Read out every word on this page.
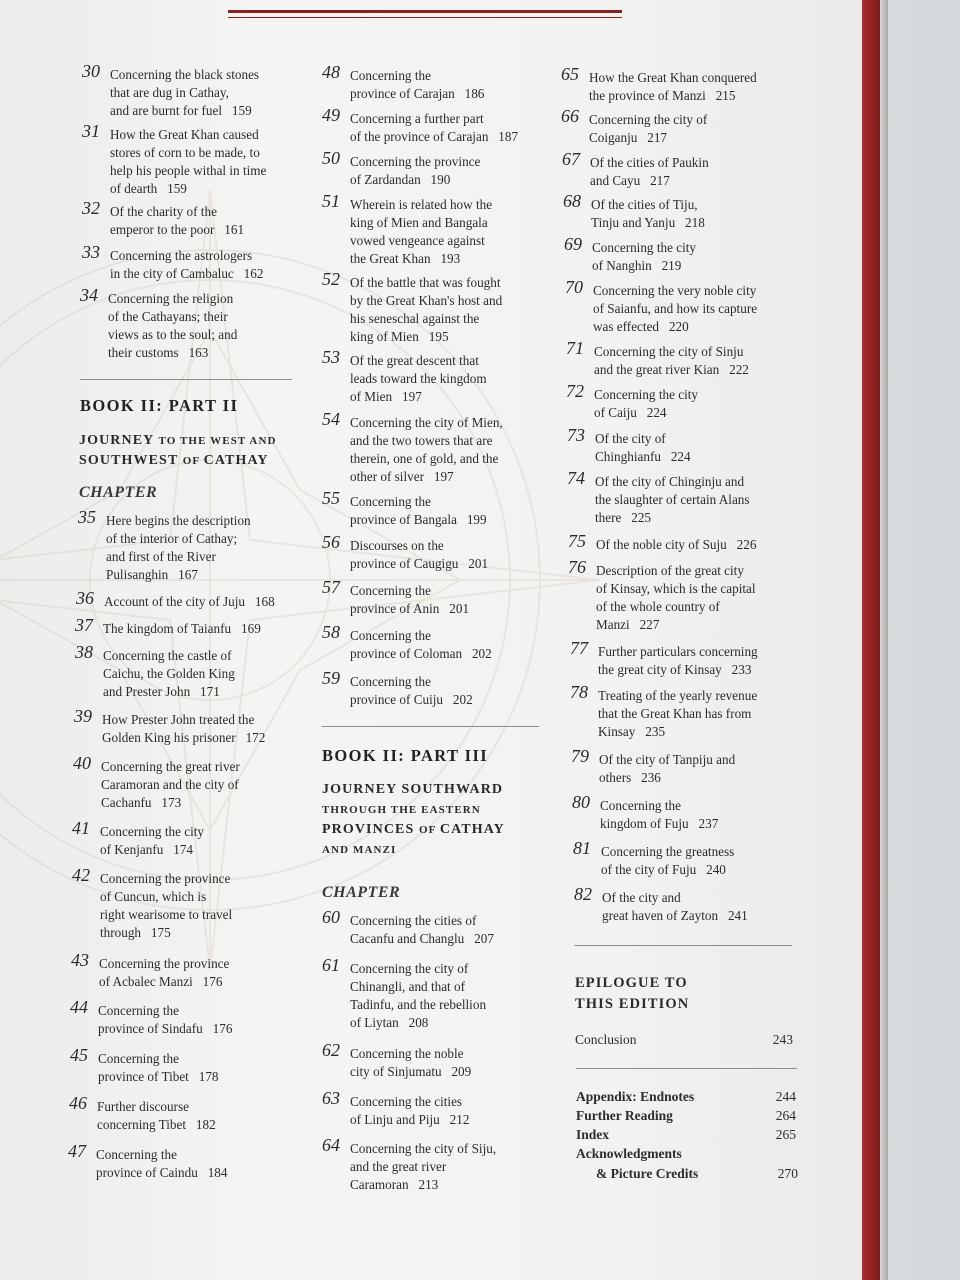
30 Concerning the black stones
that are dug in Cathay,
and are burnt for fuel   159
31 How the Great Khan caused
stores of corn to be made, to
help his people withal in time
of dearth   159
32 Of the charity of the
emperor to the poor   161
33 Concerning the astrologers
in the city of Cambaluc   162
34 Concerning the religion
of the Cathayans; their
views as to the soul; and
their customs   163
35 Here begins the description
of the interior of Cathay;
and first of the River
Pulisanghin   167
36 Account of the city of Juju   168
37 The kingdom of Taianfu   169
38 Concerning the castle of
Caichu, the Golden King
and Prester John   171
39 How Prester John treated the
Golden King his prisoner   172
40 Concerning the great river
Caramoran and the city of
Cachanfu   173
41 Concerning the city
of Kenjanfu   174
42 Concerning the province
of Cuncun, which is
right wearisome to travel
through   175
43 Concerning the province
of Acbalec Manzi   176
44 Concerning the
province of Sindafu   176
45 Concerning the
province of Tibet   178
46 Further discourse
concerning Tibet   182
47 Concerning the
province of Caindu   184
BOOK II: PART II
JOURNEY TO THE WEST AND
SOUTHWEST OF CATHAY
CHAPTER
48 Concerning the
province of Carajan   186
49 Concerning a further part
of the province of Carajan   187
50 Concerning the province
of Zardandan   190
51 Wherein is related how the
king of Mien and Bangala
vowed vengeance against
the Great Khan   193
52 Of the battle that was fought
by the Great Khan's host and
his seneschal against the
king of Mien   195
53 Of the great descent that
leads toward the kingdom
of Mien   197
54 Concerning the city of Mien,
and the two towers that are
therein, one of gold, and the
other of silver   197
55 Concerning the
province of Bangala   199
56 Discourses on the
province of Caugigu   201
57 Concerning the
province of Anin   201
58 Concerning the
province of Coloman   202
59 Concerning the
province of Cuiju   202
60 Concerning the cities of
Cacanfu and Changlu   207
61 Concerning the city of
Chinangli, and that of
Tadinfu, and the rebellion
of Liytan   208
62 Concerning the noble
city of Sinjumatu   209
63 Concerning the cities
of Linju and Piju   212
64 Concerning the city of Siju,
and the great river
Caramoran   213
BOOK II: PART III
JOURNEY SOUTHWARD
THROUGH THE EASTERN
PROVINCES OF CATHAY
AND MANZI
CHAPTER
65 How the Great Khan conquered
the province of Manzi   215
66 Concerning the city of
Coiganju   217
67 Of the cities of Paukin
and Cayu   217
68 Of the cities of Tiju,
Tinju and Yanju   218
69 Concerning the city
of Nanghin   219
70 Concerning the very noble city
of Saianfu, and how its capture
was effected   220
71 Concerning the city of Sinju
and the great river Kian   222
72 Concerning the city
of Caiju   224
73 Of the city of
Chinghianfu   224
74 Of the city of Chinginju and
the slaughter of certain Alans
there   225
75 Of the noble city of Suju   226
76 Description of the great city
of Kinsay, which is the capital
of the whole country of
Manzi   227
77 Further particulars concerning
the great city of Kinsay   233
78 Treating of the yearly revenue
that the Great Khan has from
Kinsay   235
79 Of the city of Tanpiju and
others   236
80 Concerning the
kingdom of Fuju   237
81 Concerning the greatness
of the city of Fuju   240
82 Of the city and
great haven of Zayton   241
EPILOGUE TO
THIS EDITION
Conclusion	243
Appendix: Endnotes	244
Further Reading	264
Index	265
Acknowledgments
& Picture Credits	270
